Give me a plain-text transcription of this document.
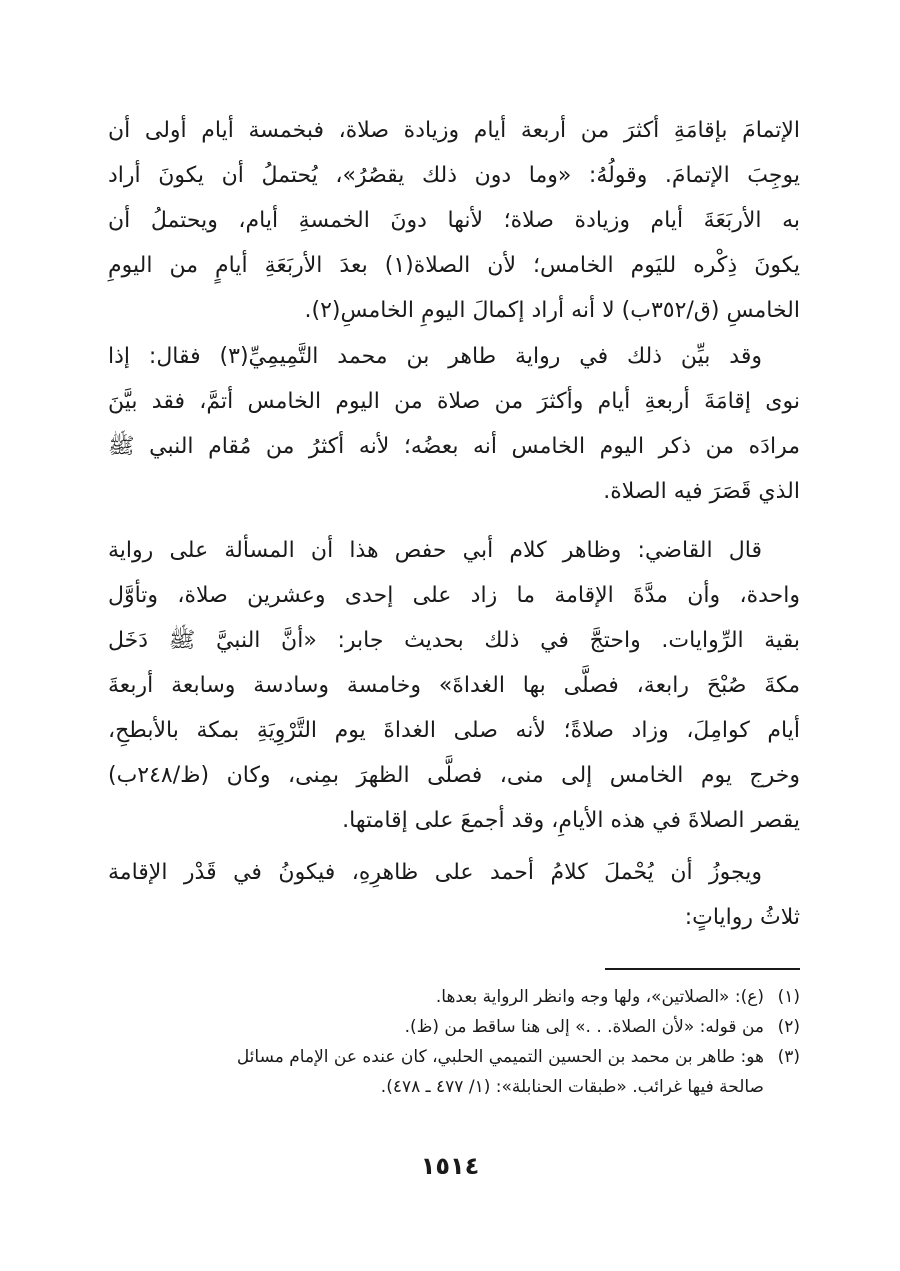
الإتمامَ بإقامَةِ أكثرَ من أربعة أيام وزيادة صلاة، فبخمسة أيام أولى أن
يوجِبَ الإتمامَ. وقولُهُ: «وما دون ذلك يقصُرُ»، يُحتملُ أن يكونَ أراد
به الأربَعَةَ أيام وزيادة صلاة؛ لأنها دونَ الخمسةِ أيام، ويحتملُ أن
يكونَ ذِكْره لليَوم الخامس؛ لأن الصلاة(١) بعدَ الأربَعَةِ أيامٍ من اليومِ
الخامسِ (ق/٣٥٢ب) لا أنه أراد إكمالَ اليومِ الخامسِ(٢).
وقد بيِّن ذلك في رواية طاهر بن محمد التَّمِيمِيِّ(٣) فقال: إذا
نوى إقامَةَ أربعةِ أيام وأكثرَ من صلاة من اليوم الخامس أتمَّ، فقد بيَّنَ
مرادَه من ذكر اليوم الخامس أنه بعضُه؛ لأنه أكثرُ من مُقام النبي ﷺ
الذي قَصَرَ فيه الصلاة.
قال القاضي: وظاهر كلام أبي حفص هذا أن المسألة على رواية
واحدة، وأن مدَّةَ الإقامة ما زاد على إحدى وعشرين صلاة، وتأوَّل
بقية الرِّوايات. واحتجَّ في ذلك بحديث جابر: «أنَّ النبيَّ ﷺ دَخَل
مكةَ صُبْحَ رابعة، فصلَّى بها الغداةَ» وخامسة وسادسة وسابعة أربعةَ
أيام كوامِلَ، وزاد صلاةً؛ لأنه صلى الغداةَ يوم التَّرْوِيَةِ بمكة بالأبطحِ،
وخرج يوم الخامس إلى منى، فصلَّى الظهرَ بمِنى، وكان (ظ/٢٤٨ب)
يقصر الصلاةَ في هذه الأيامِ، وقد أجمعَ على إقامتها.
ويجوزُ أن يُحْملَ كلامُ أحمد على ظاهرِهِ، فيكونُ في قَدْر الإقامة
ثلاثُ رواياتٍ:
(١)(ع): «الصلاتين»، ولها وجه وانظر الرواية بعدها.
(٢)من قوله: «لأن الصلاة. . .» إلى هنا ساقط من (ظ).
(٣)هو: طاهر بن محمد بن الحسين التميمي الحلبي، كان عنده عن الإمام مسائل
صالحة فيها غرائب. «طبقات الحنابلة»: (١/ ٤٧٧ ـ ٤٧٨).
١٥١٤
